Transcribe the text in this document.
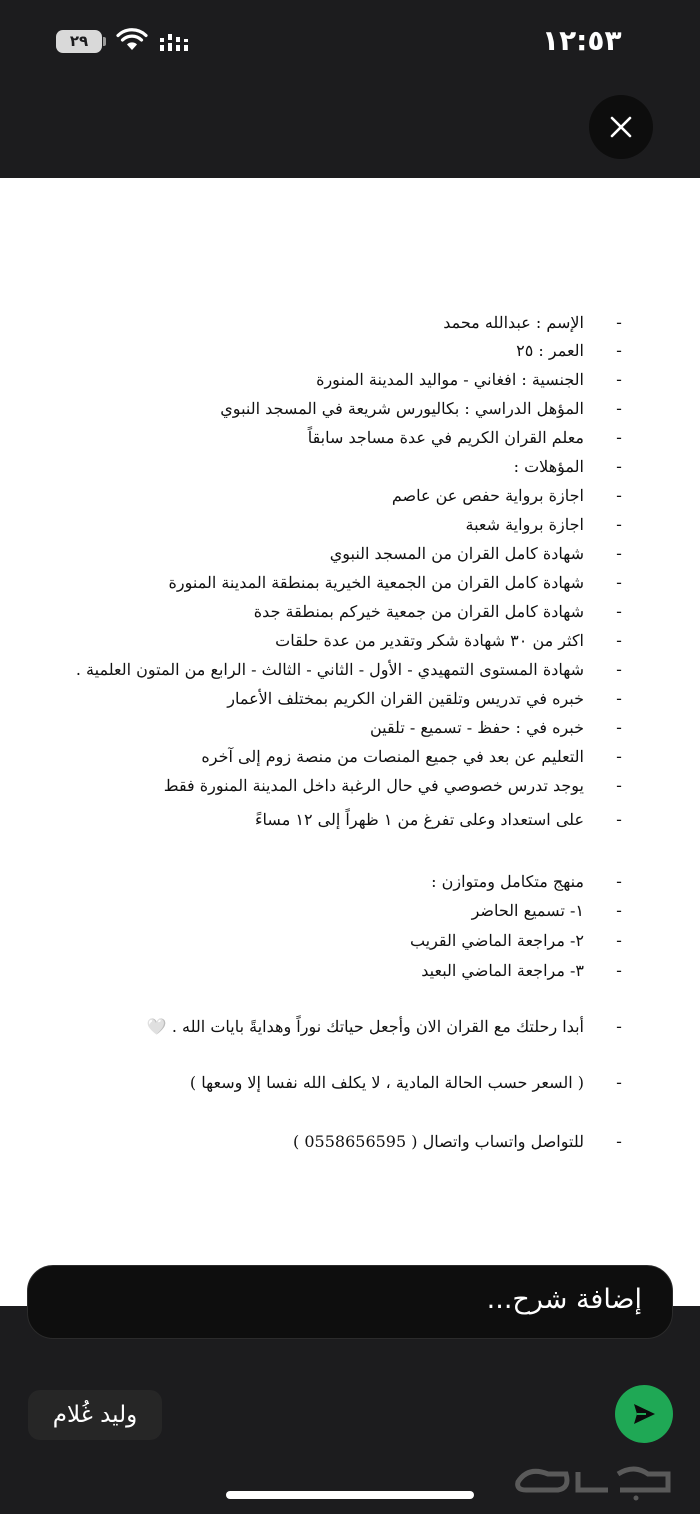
٢٩	١٢:٥٣
-
الإسم : عبدالله محمد
-
العمر : ٢٥
-
الجنسية : افغاني - مواليد المدينة المنورة
-
المؤهل الدراسي : بكاليورس شريعة في المسجد النبوي
-
معلم القران الكريم في عدة مساجد سابقاً
-
المؤهلات :
-
اجازة برواية حفص عن عاصم
-
اجازة برواية شعبة
-
شهادة كامل القران من المسجد النبوي
-
شهادة كامل القران من الجمعية الخيرية بمنطقة المدينة المنورة
-
شهادة كامل القران من جمعية خيركم بمنطقة جدة
-
اكثر من ٣٠ شهادة شكر وتقدير من عدة حلقات
-
شهادة المستوى التمهيدي - الأول - الثاني - الثالث - الرابع من المتون العلمية .
-
خبره في تدريس وتلقين القران الكريم بمختلف الأعمار
-
خبره في : حفظ - تسميع - تلقين
-
التعليم عن بعد في جميع المنصات من منصة زوم إلى آخره
-
يوجد تدرس خصوصي في حال الرغبة داخل المدينة المنورة فقط
-
على استعداد وعلى تفرغ من ١ ظهراً إلى ١٢ مساءً
-
منهج متكامل ومتوازن :
-
١- تسميع الحاضر
-
٢- مراجعة الماضي القريب
-
٣- مراجعة الماضي البعيد
-
أبدا رحلتك مع القران الان وأجعل حياتك نوراً وهدايةً بايات الله . 🤍
-
( السعر حسب الحالة المادية ، لا يكلف الله نفسا إلا وسعها )
-
للتواصل واتساب واتصال ( 0558656595 )
إضافة شرح...
وليد غُلام
